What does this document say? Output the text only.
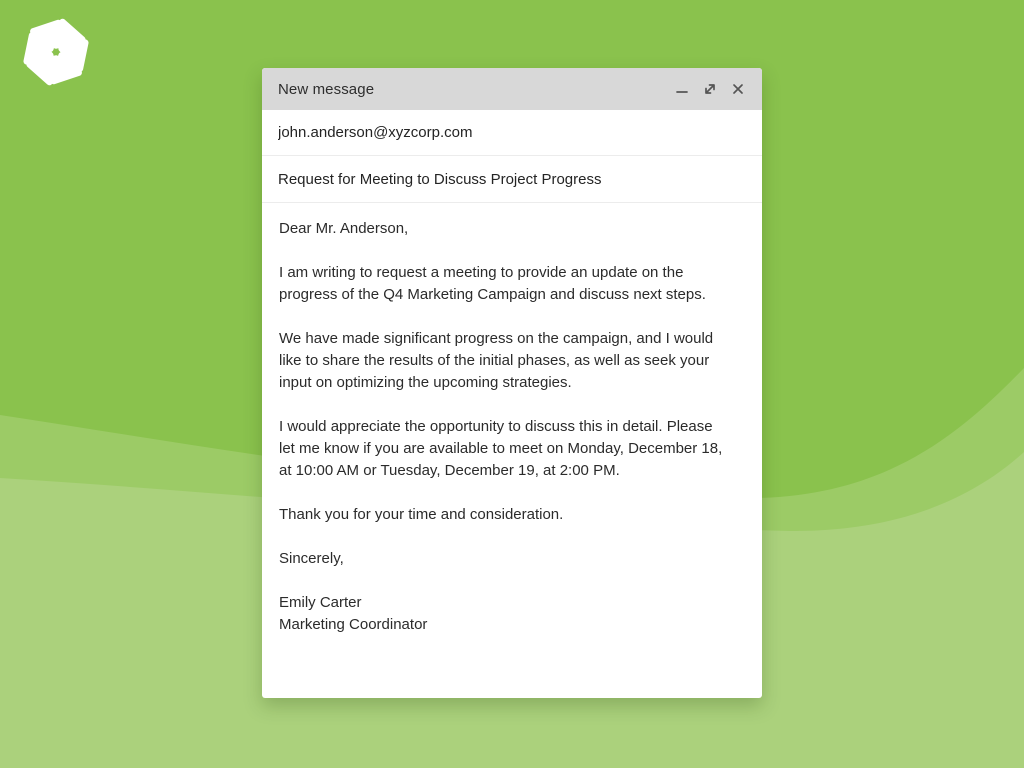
New message
john.anderson@xyzcorp.com
Request for Meeting to Discuss Project Progress

Dear Mr. Anderson,

I am writing to request a meeting to provide an update on the progress of the Q4 Marketing Campaign and discuss next steps.

We have made significant progress on the campaign, and I would like to share the results of the initial phases, as well as seek your input on optimizing the upcoming strategies.

I would appreciate the opportunity to discuss this in detail. Please let me know if you are available to meet on Monday, December 18, at 10:00 AM or Tuesday, December 19, at 2:00 PM.

Thank you for your time and consideration.

Sincerely,

Emily Carter
Marketing Coordinator
